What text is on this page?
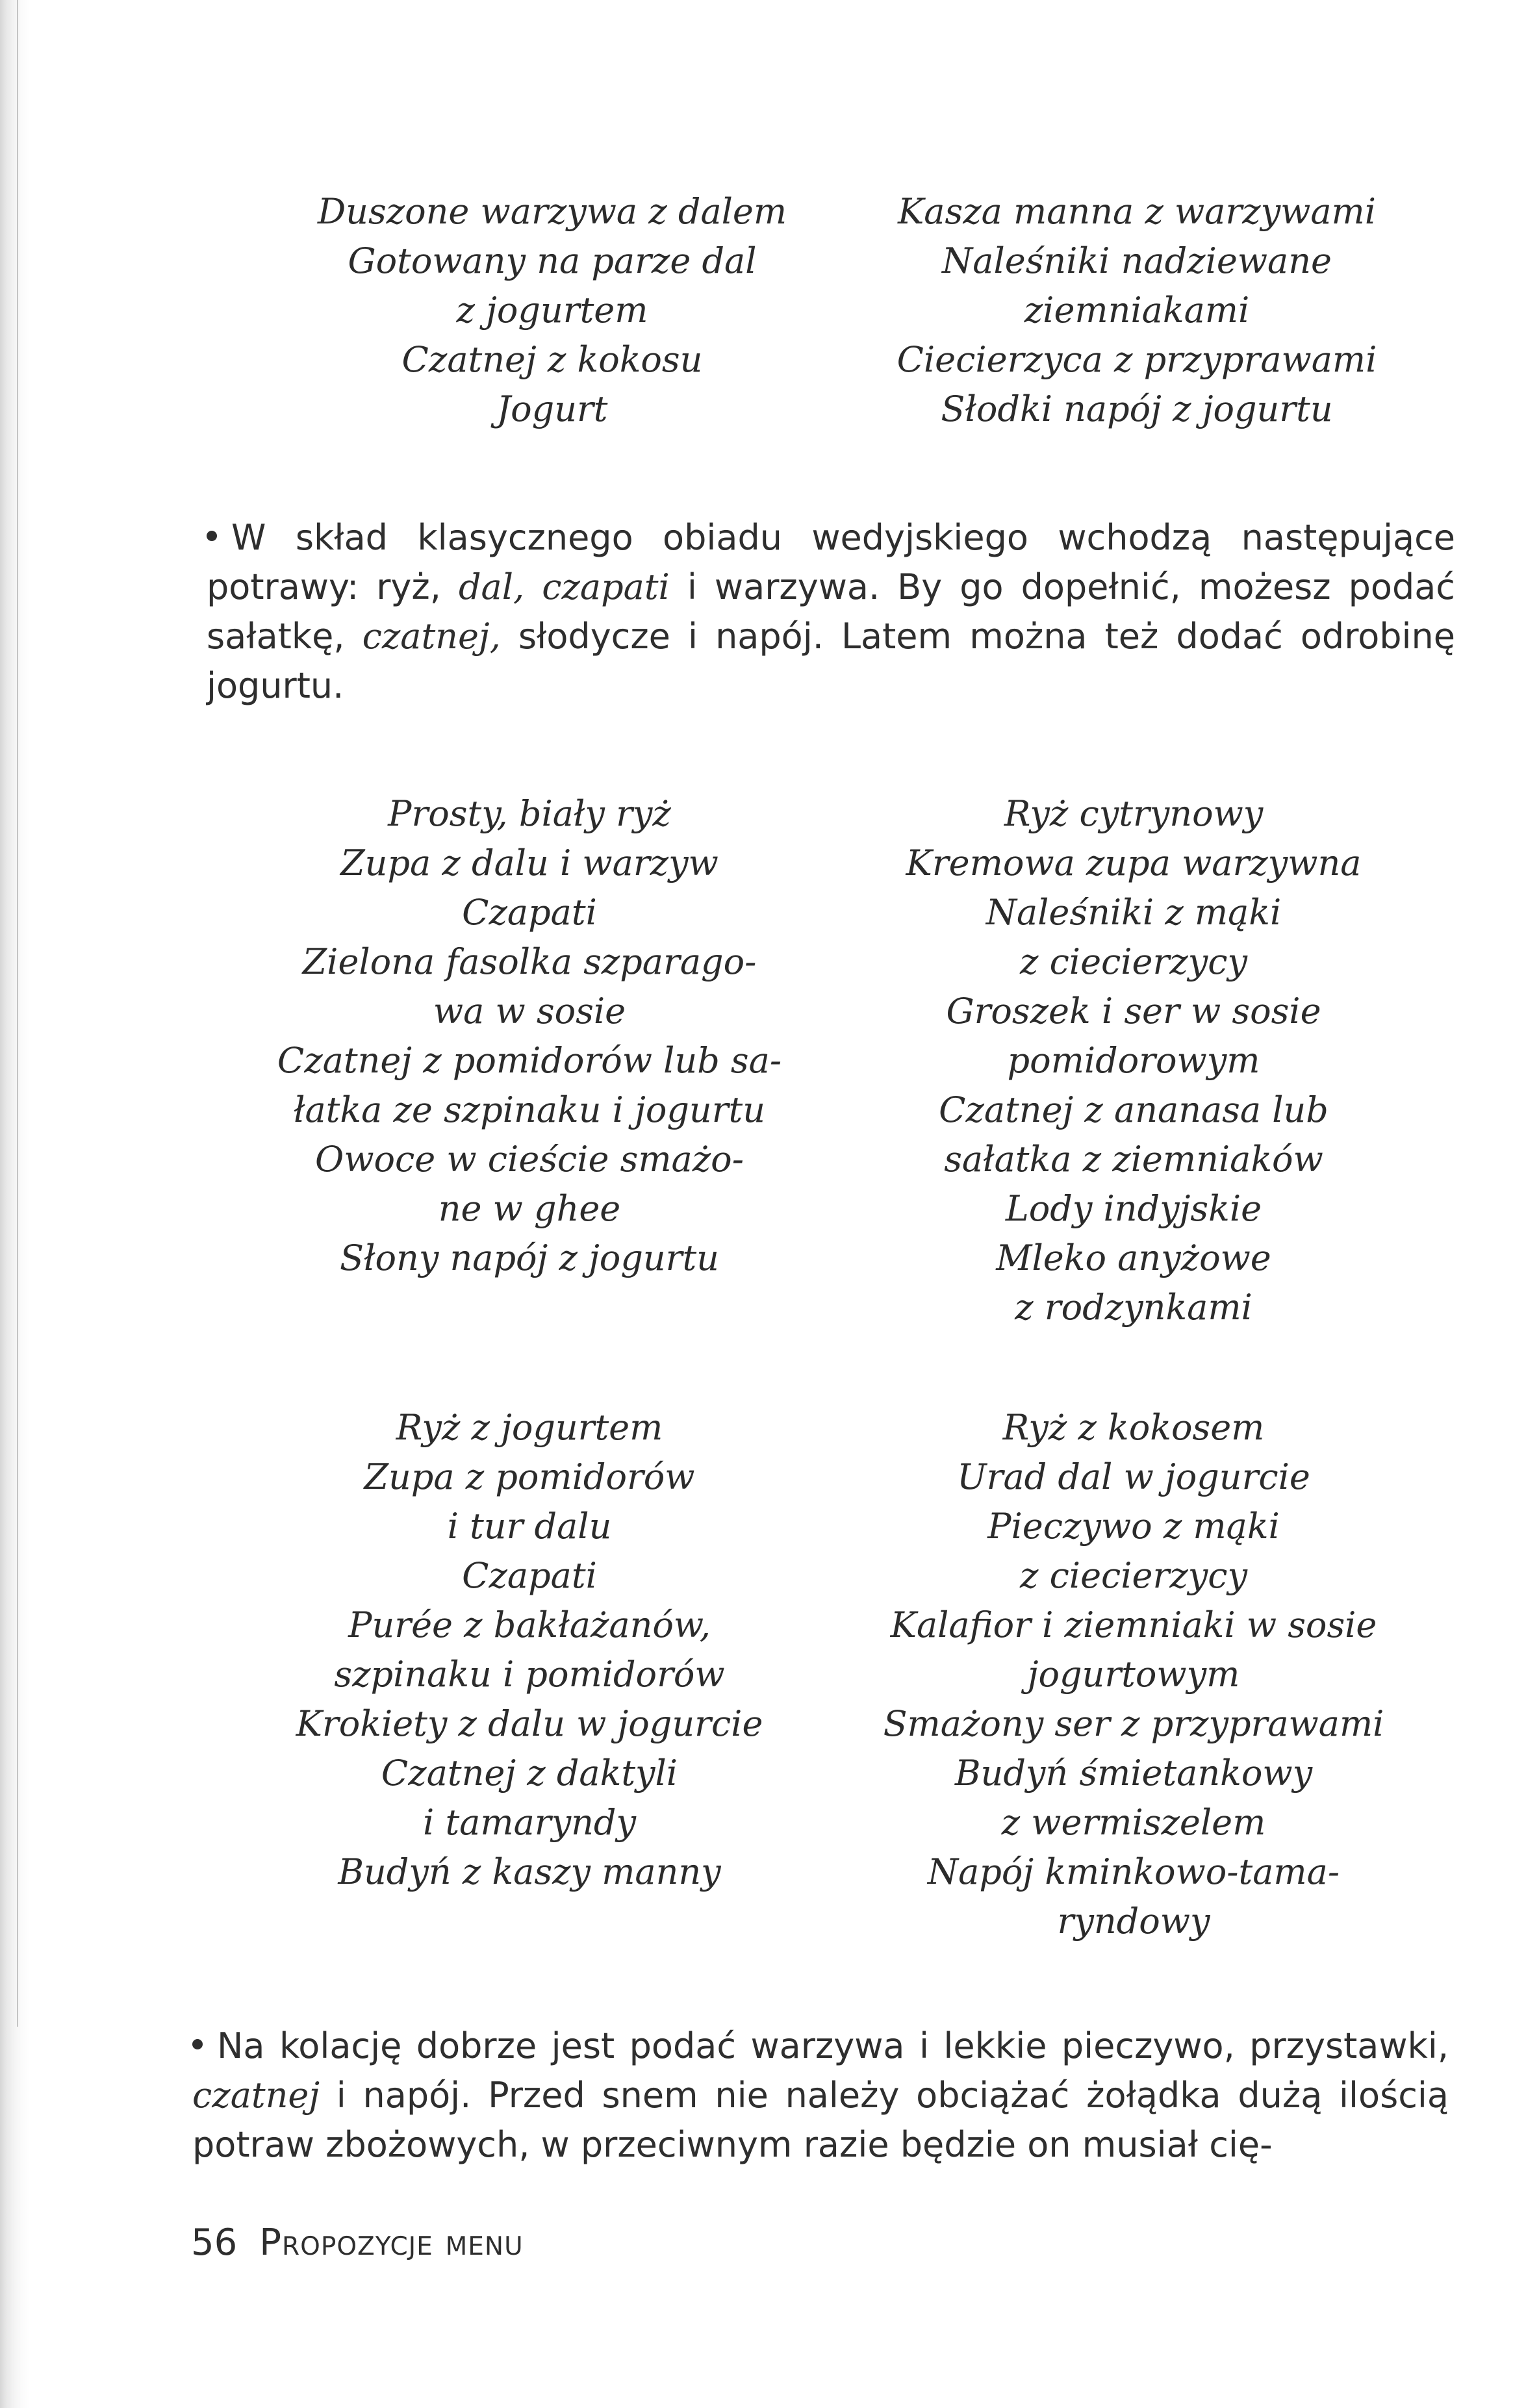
Duszone warzywa z dalem
Gotowany na parze dal
z jogurtem
Czatnej z kokosu
Jogurt
Kasza manna z warzywami
Naleśniki nadziewane
ziemniakami
Ciecierzyca z przyprawami
Słodki napój z jogurtu

W skład klasycznego obiadu wedyjskiego wchodzą następujące potrawy: ryż, dal, czapati i warzywa. By go dopełnić, możesz podać sałatkę, czatnej, słodycze i napój. Latem można też dodać odrobinę jogurtu.

Prosty, biały ryż
Zupa z dalu i warzyw
Czapati
Zielona fasolka szparago-
wa w sosie
Czatnej z pomidorów lub sa-
łatka ze szpinaku i jogurtu
Owoce w cieście smażo-
ne w ghee
Słony napój z jogurtu
Ryż cytrynowy
Kremowa zupa warzywna
Naleśniki z mąki
z ciecierzycy
Groszek i ser w sosie
pomidorowym
Czatnej z ananasa lub
sałatka z ziemniaków
Lody indyjskie
Mleko anyżowe
z rodzynkami
Ryż z jogurtem
Zupa z pomidorów
i tur dalu
Czapati
Purée z bakłażanów,
szpinaku i pomidorów
Krokiety z dalu w jogurcie
Czatnej z daktyli
i tamaryndy
Budyń z kaszy manny
Ryż z kokosem
Urad dal w jogurcie
Pieczywo z mąki
z ciecierzycy
Kalafior i ziemniaki w sosie
jogurtowym
Smażony ser z przyprawami
Budyń śmietankowy
z wermiszelem
Napój kminkowo-tama-
ryndowy

Na kolację dobrze jest podać warzywa i lekkie pieczywo, przystawki, czatnej i napój. Przed snem nie należy obciążać żołądka dużą ilością potraw zbożowych, w przeciwnym razie będzie on musiał cię-

56 Propozycje menu
